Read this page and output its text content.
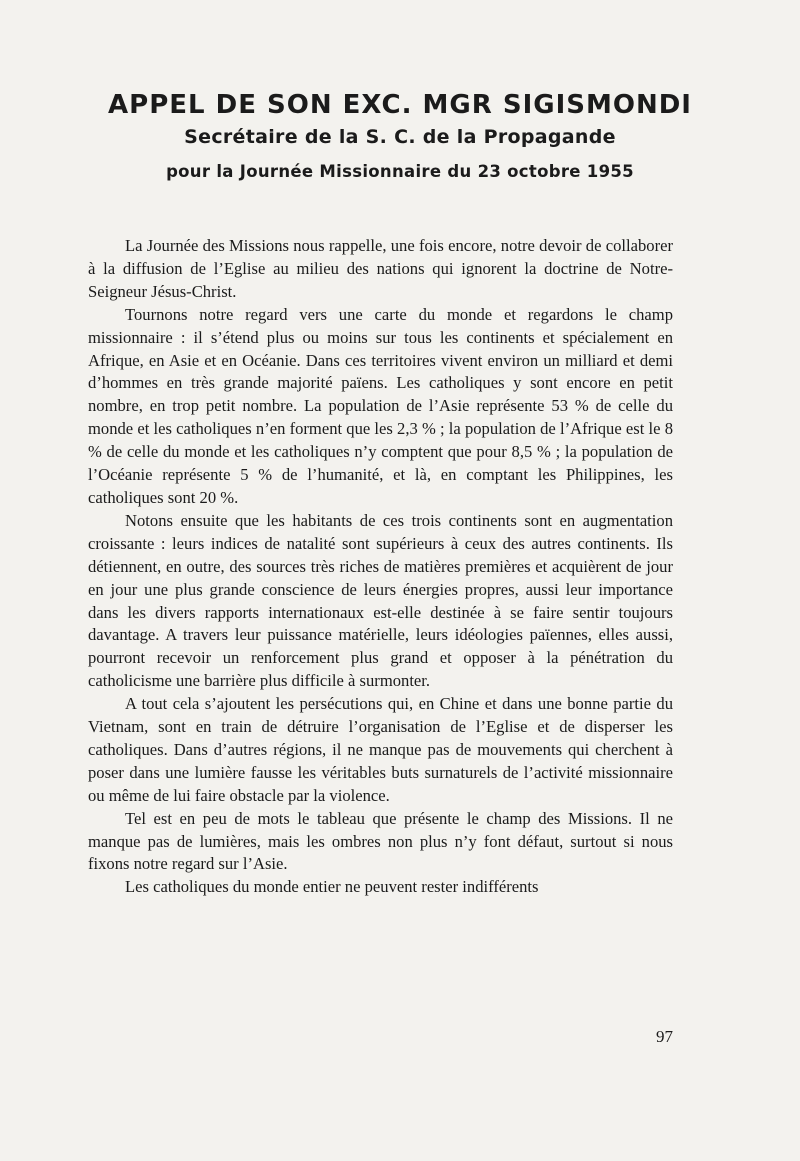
APPEL DE SON EXC. MGR SIGISMONDI
Secrétaire de la S. C. de la Propagande
pour la Journée Missionnaire du 23 octobre 1955

La Journée des Missions nous rappelle, une fois encore, notre devoir de collaborer à la diffusion de l’Eglise au milieu des nations qui ignorent la doctrine de Notre-Seigneur Jésus-Christ.

Tournons notre regard vers une carte du monde et regardons le champ missionnaire : il s’étend plus ou moins sur tous les continents et spécialement en Afrique, en Asie et en Océanie. Dans ces territoires vivent environ un milliard et demi d’hommes en très grande majorité païens. Les catholiques y sont encore en petit nombre, en trop petit nombre. La population de l’Asie représente 53 % de celle du monde et les catholiques n’en forment que les 2,3 % ; la population de l’Afrique est le 8 % de celle du monde et les catholiques n’y comptent que pour 8,5 % ; la population de l’Océanie représente 5 % de l’humanité, et là, en comptant les Philippines, les catholiques sont 20 %.

Notons ensuite que les habitants de ces trois continents sont en augmentation croissante : leurs indices de natalité sont supérieurs à ceux des autres continents. Ils détiennent, en outre, des sources très riches de matières premières et acquièrent de jour en jour une plus grande conscience de leurs énergies propres, aussi leur importance dans les divers rapports internationaux est-elle destinée à se faire sentir toujours davantage. A travers leur puissance matérielle, leurs idéologies païennes, elles aussi, pourront recevoir un renforcement plus grand et opposer à la pénétration du catholicisme une barrière plus difficile à surmonter.

A tout cela s’ajoutent les persécutions qui, en Chine et dans une bonne partie du Vietnam, sont en train de détruire l’organisation de l’Eglise et de disperser les catholiques. Dans d’autres régions, il ne manque pas de mouvements qui cherchent à poser dans une lumière fausse les véritables buts surnaturels de l’activité missionnaire ou même de lui faire obstacle par la violence.

Tel est en peu de mots le tableau que présente le champ des Missions. Il ne manque pas de lumières, mais les ombres non plus n’y font défaut, surtout si nous fixons notre regard sur l’Asie.

Les catholiques du monde entier ne peuvent rester indifférents

97
